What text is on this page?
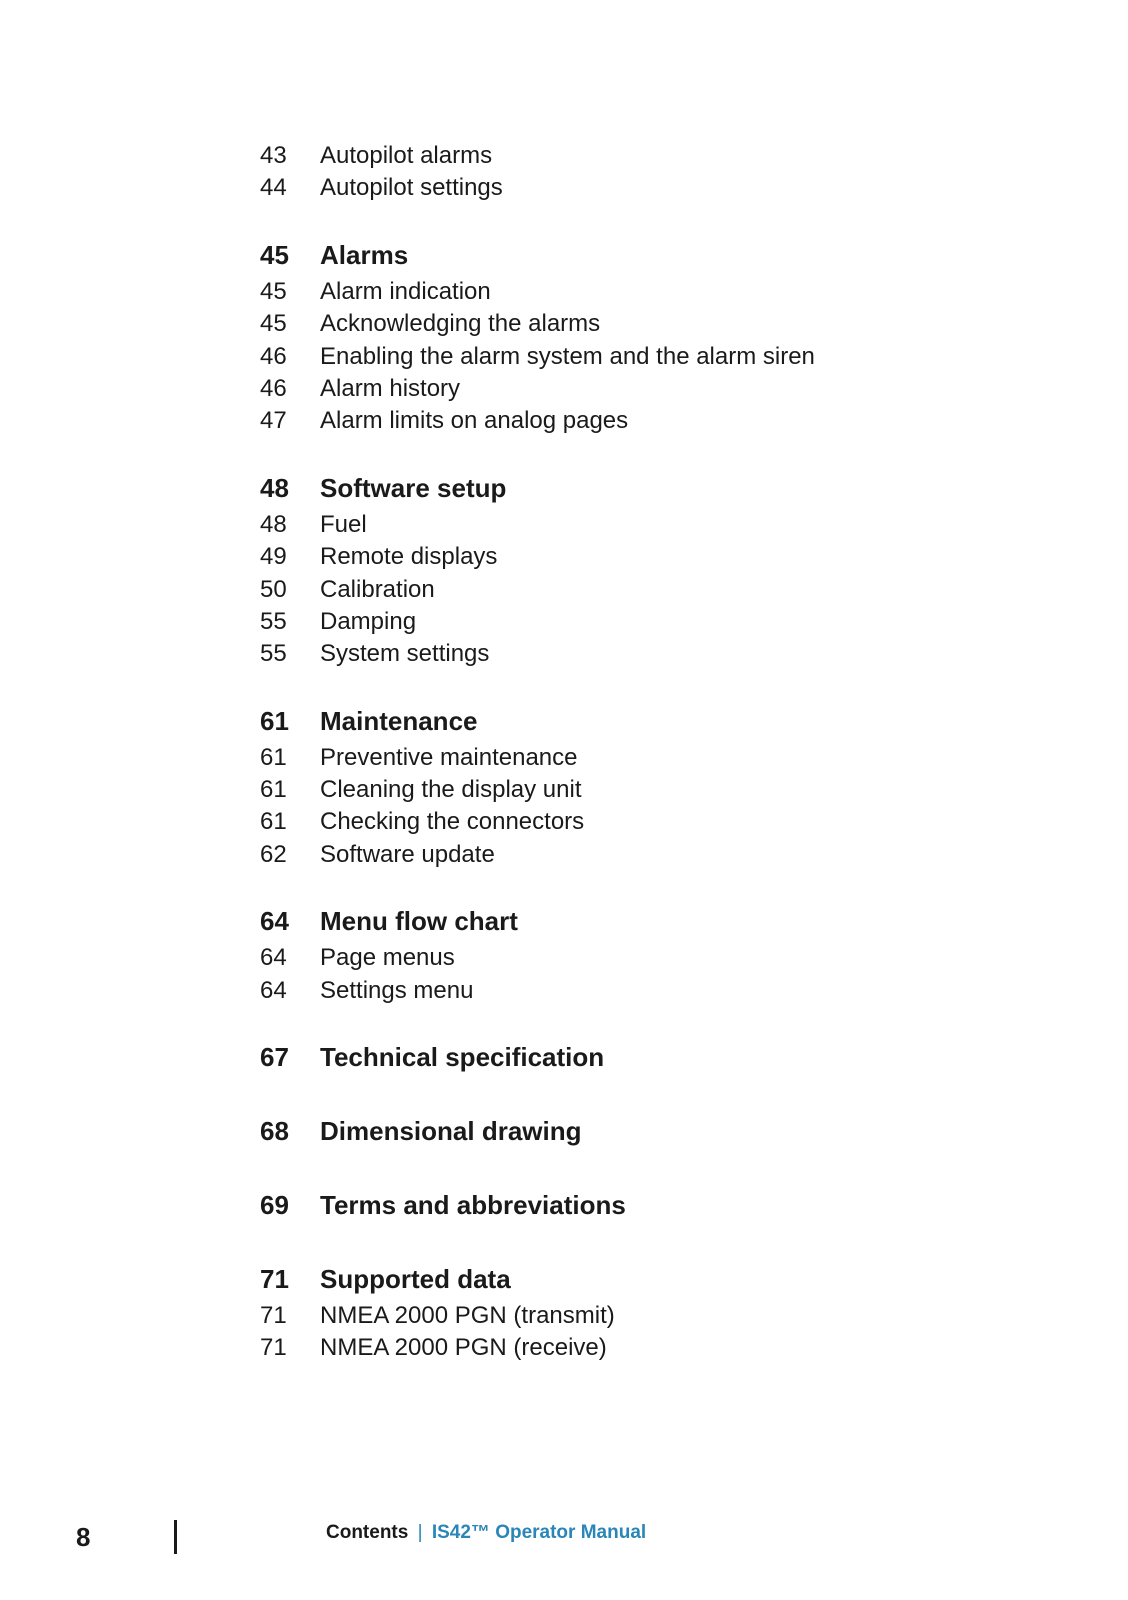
43	Autopilot alarms
44	Autopilot settings
45	Alarms
45	Alarm indication
45	Acknowledging the alarms
46	Enabling the alarm system and the alarm siren
46	Alarm history
47	Alarm limits on analog pages
48	Software setup
48	Fuel
49	Remote displays
50	Calibration
55	Damping
55	System settings
61	Maintenance
61	Preventive maintenance
61	Cleaning the display unit
61	Checking the connectors
62	Software update
64	Menu flow chart
64	Page menus
64	Settings menu
67	Technical specification
68	Dimensional drawing
69	Terms and abbreviations
71	Supported data
71	NMEA 2000 PGN (transmit)
71	NMEA 2000 PGN (receive)
8	Contents | IS42™ Operator Manual
